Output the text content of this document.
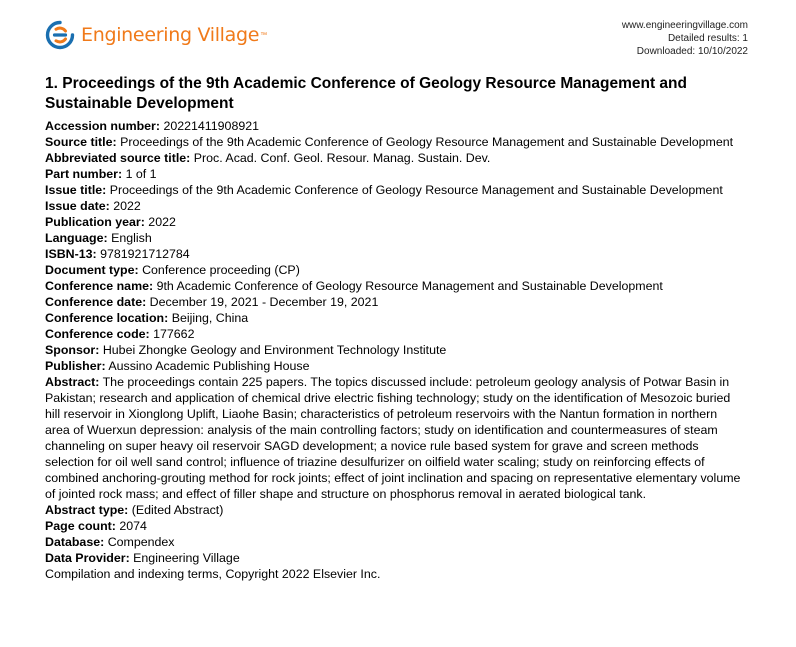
Engineering Village ™
www.engineeringvillage.com
Detailed results: 1
Downloaded: 10/10/2022
1. Proceedings of the 9th Academic Conference of Geology Resource Management and Sustainable Development
Accession number: 20221411908921
Source title: Proceedings of the 9th Academic Conference of Geology Resource Management and Sustainable Development
Abbreviated source title: Proc. Acad. Conf. Geol. Resour. Manag. Sustain. Dev.
Part number: 1 of 1
Issue title: Proceedings of the 9th Academic Conference of Geology Resource Management and Sustainable Development
Issue date: 2022
Publication year: 2022
Language: English
ISBN-13: 9781921712784
Document type: Conference proceeding (CP)
Conference name: 9th Academic Conference of Geology Resource Management and Sustainable Development
Conference date: December 19, 2021 - December 19, 2021
Conference location: Beijing, China
Conference code: 177662
Sponsor: Hubei Zhongke Geology and Environment Technology Institute
Publisher: Aussino Academic Publishing House
Abstract: The proceedings contain 225 papers. The topics discussed include: petroleum geology analysis of Potwar Basin in Pakistan; research and application of chemical drive electric fishing technology; study on the identification of Mesozoic buried hill reservoir in Xionglong Uplift, Liaohe Basin; characteristics of petroleum reservoirs with the Nantun formation in northern area of Wuerxun depression: analysis of the main controlling factors; study on identification and countermeasures of steam channeling on super heavy oil reservoir SAGD development; a novice rule based system for grave and screen methods selection for oil well sand control; influence of triazine desulfurizer on oilfield water scaling; study on reinforcing effects of combined anchoring-grouting method for rock joints; effect of joint inclination and spacing on representative elementary volume of jointed rock mass; and effect of filler shape and structure on phosphorus removal in aerated biological tank.
Abstract type: (Edited Abstract)
Page count: 2074
Database: Compendex
Data Provider: Engineering Village
Compilation and indexing terms, Copyright 2022 Elsevier Inc.
